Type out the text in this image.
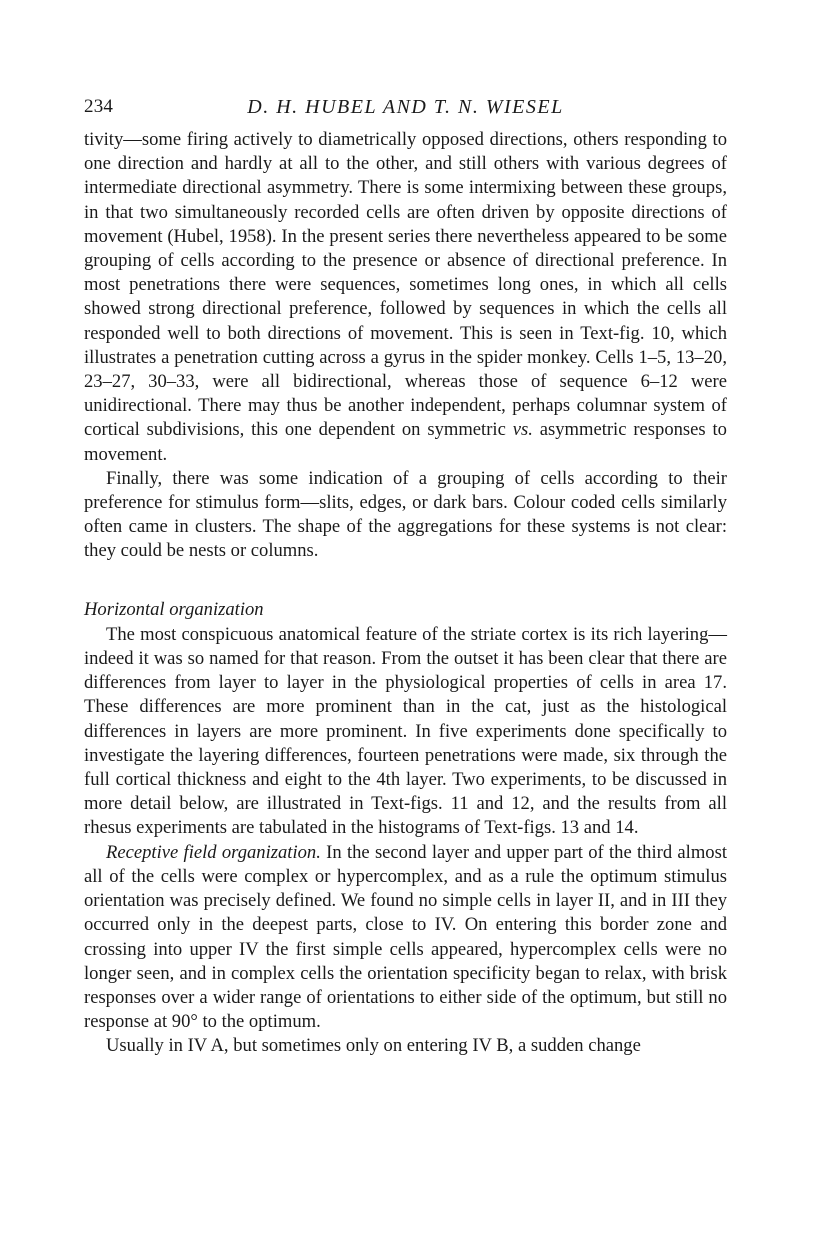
234	D. H. HUBEL AND T. N. WIESEL

tivity—some firing actively to diametrically opposed directions, others responding to one direction and hardly at all to the other, and still others with various degrees of intermediate directional asymmetry. There is some intermixing between these groups, in that two simultaneously recorded cells are often driven by opposite directions of movement (Hubel, 1958). In the present series there nevertheless appeared to be some grouping of cells according to the presence or absence of directional preference. In most penetrations there were sequences, sometimes long ones, in which all cells showed strong directional preference, followed by sequences in which the cells all responded well to both directions of movement. This is seen in Text-fig. 10, which illustrates a penetration cutting across a gyrus in the spider monkey. Cells 1–5, 13–20, 23–27, 30–33, were all bidirectional, whereas those of sequence 6–12 were unidirectional. There may thus be another independent, perhaps columnar system of cortical subdivisions, this one dependent on symmetric vs. asymmetric responses to movement.

Finally, there was some indication of a grouping of cells according to their preference for stimulus form—slits, edges, or dark bars. Colour coded cells similarly often came in clusters. The shape of the aggregations for these systems is not clear: they could be nests or columns.

Horizontal organization

The most conspicuous anatomical feature of the striate cortex is its rich layering—indeed it was so named for that reason. From the outset it has been clear that there are differences from layer to layer in the physiological properties of cells in area 17. These differences are more prominent than in the cat, just as the histological differences in layers are more prominent. In five experiments done specifically to investigate the layering differences, fourteen penetrations were made, six through the full cortical thickness and eight to the 4th layer. Two experiments, to be discussed in more detail below, are illustrated in Text-figs. 11 and 12, and the results from all rhesus experiments are tabulated in the histograms of Text-figs. 13 and 14.

Receptive field organization. In the second layer and upper part of the third almost all of the cells were complex or hypercomplex, and as a rule the optimum stimulus orientation was precisely defined. We found no simple cells in layer II, and in III they occurred only in the deepest parts, close to IV. On entering this border zone and crossing into upper IV the first simple cells appeared, hypercomplex cells were no longer seen, and in complex cells the orientation specificity began to relax, with brisk responses over a wider range of orientations to either side of the optimum, but still no response at 90° to the optimum.

Usually in IV A, but sometimes only on entering IV B, a sudden change
